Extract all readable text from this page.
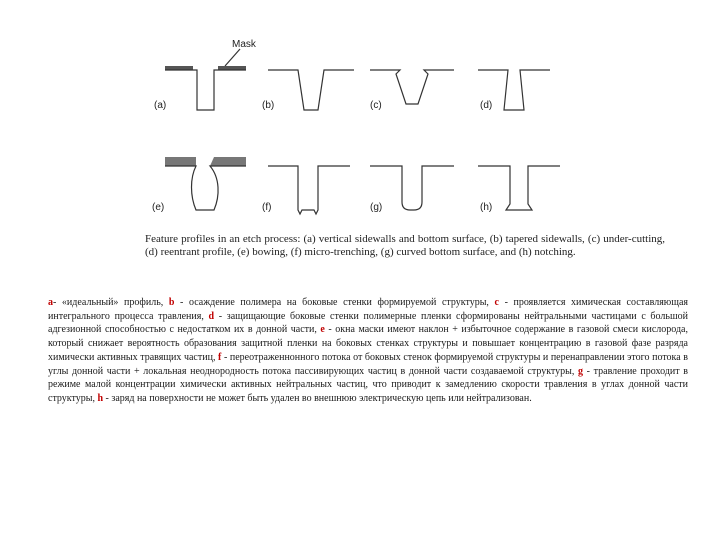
Mask
(a)	(b)	(c)	(d)
(e)	(f)	(g)	(h)
Feature profiles in an etch process: (a) vertical sidewalls and bottom surface, (b) tapered sidewalls, (c) under-cutting, (d) reentrant profile, (e) bowing, (f) micro-trenching, (g) curved bottom surface, and (h) notching.
a- «идеальный» профиль, b - осаждение полимера на боковые стенки формируемой структуры, c - проявляется химическая составляющая интегрального процесса травления, d - защищающие боковые стенки полимерные пленки сформированы нейтральными частицами с большой адгезионной способностью с недостатком их в донной части, e - окна маски имеют наклон + избыточное содержание в газовой смеси кислорода, который снижает вероятность образования защитной пленки на боковых стенках структуры и повышает концентрацию в газовой фазе разряда химически активных травящих частиц, f - переотраженнонного потока от боковых стенок формируемой структуры и перенаправлении этого потока в углы донной части + локальная неоднородность потока пассивирующих частиц в донной части создаваемой структуры, g - травление проходит в режиме малой концентрации химически активных нейтральных частиц, что приводит к замедлению скорости травления в углах донной части структуры, h - заряд на поверхности не может быть удален во внешнюю электрическую цепь или нейтрализован.
